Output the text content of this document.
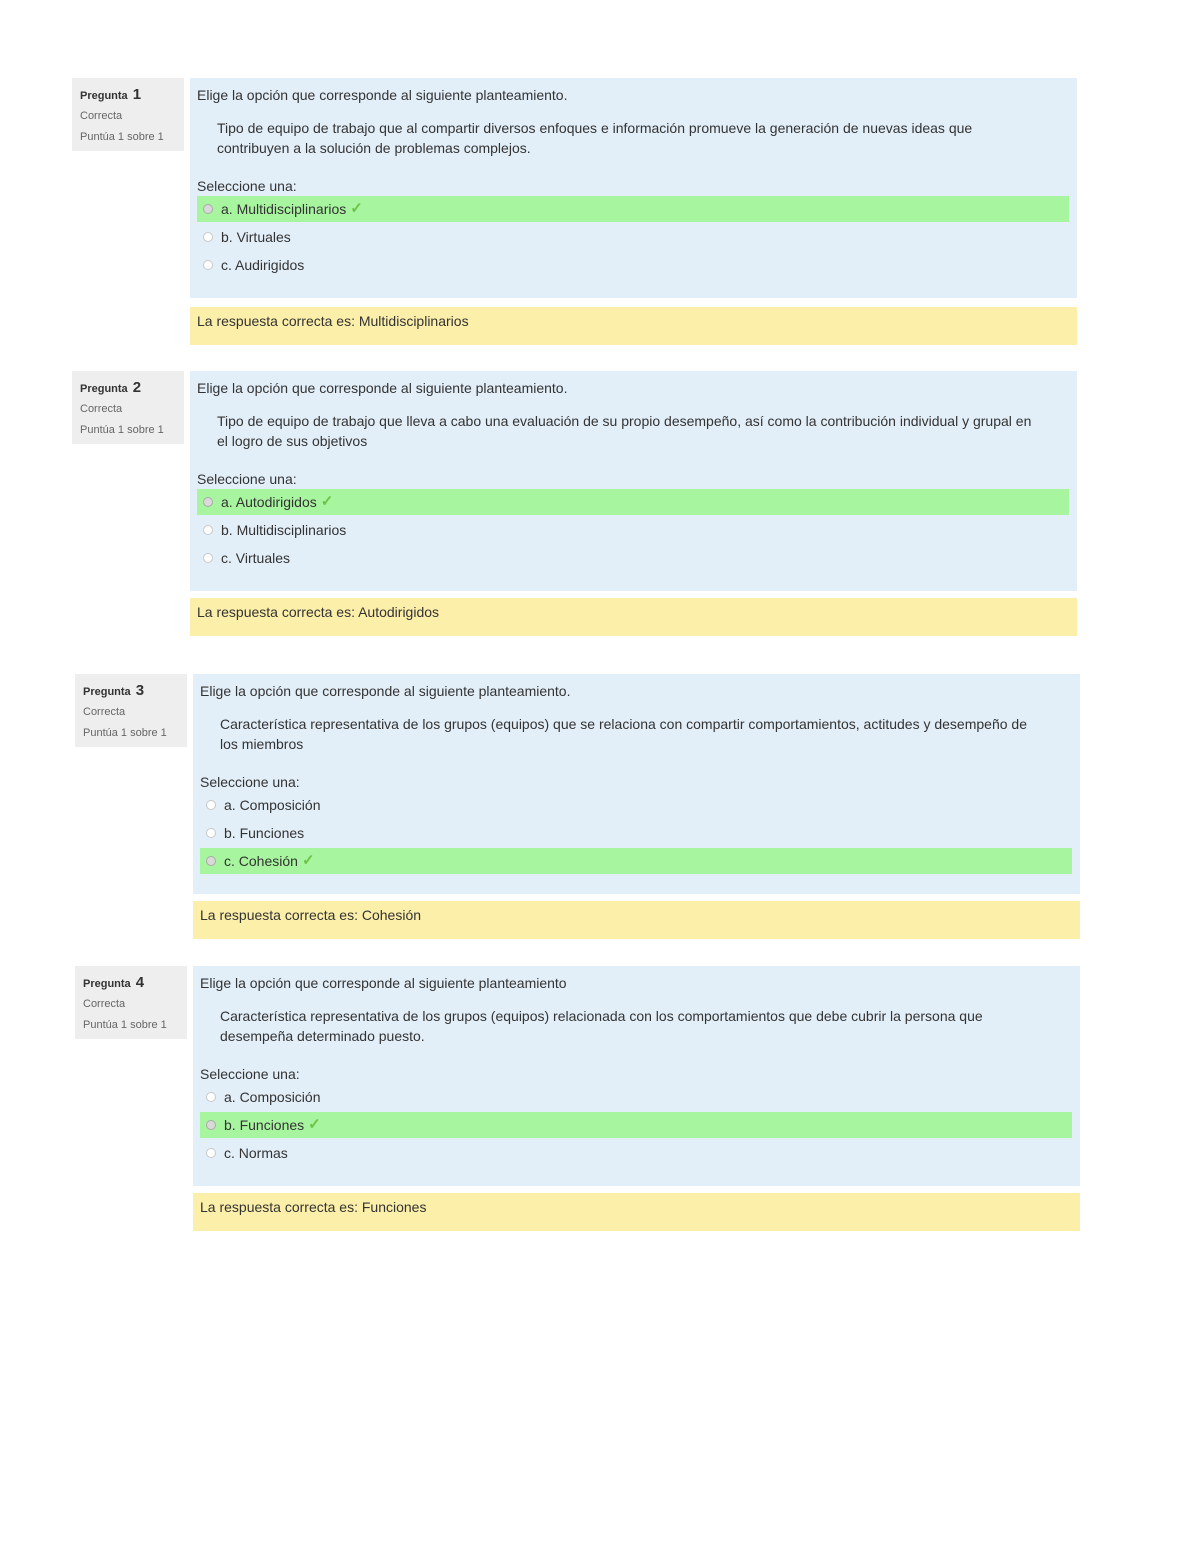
Pregunta 1
Correcta
Puntúa 1 sobre 1
Elige la opción que corresponde al siguiente planteamiento.
Tipo de equipo de trabajo que al compartir diversos enfoques e información promueve la generación de nuevas ideas que contribuyen a la solución de problemas complejos.
Seleccione una:
a. Multidisciplinarios ✓
b. Virtuales
c. Audirigidos
La respuesta correcta es: Multidisciplinarios
Pregunta 2
Correcta
Puntúa 1 sobre 1
Elige la opción que corresponde al siguiente planteamiento.
Tipo de equipo de trabajo que lleva a cabo una evaluación de su propio desempeño, así como la contribución individual y grupal en el logro de sus objetivos
Seleccione una:
a. Autodirigidos ✓
b. Multidisciplinarios
c. Virtuales
La respuesta correcta es: Autodirigidos
Pregunta 3
Correcta
Puntúa 1 sobre 1
Elige la opción que corresponde al siguiente planteamiento.
Característica representativa de los grupos (equipos) que se relaciona con compartir comportamientos, actitudes y desempeño de los miembros
Seleccione una:
a. Composición
b. Funciones
c. Cohesión ✓
La respuesta correcta es: Cohesión
Pregunta 4
Correcta
Puntúa 1 sobre 1
Elige la opción que corresponde al siguiente planteamiento
Característica representativa de los grupos (equipos) relacionada con los comportamientos que debe cubrir la persona que desempeña determinado puesto.
Seleccione una:
a. Composición
b. Funciones ✓
c. Normas
La respuesta correcta es: Funciones
